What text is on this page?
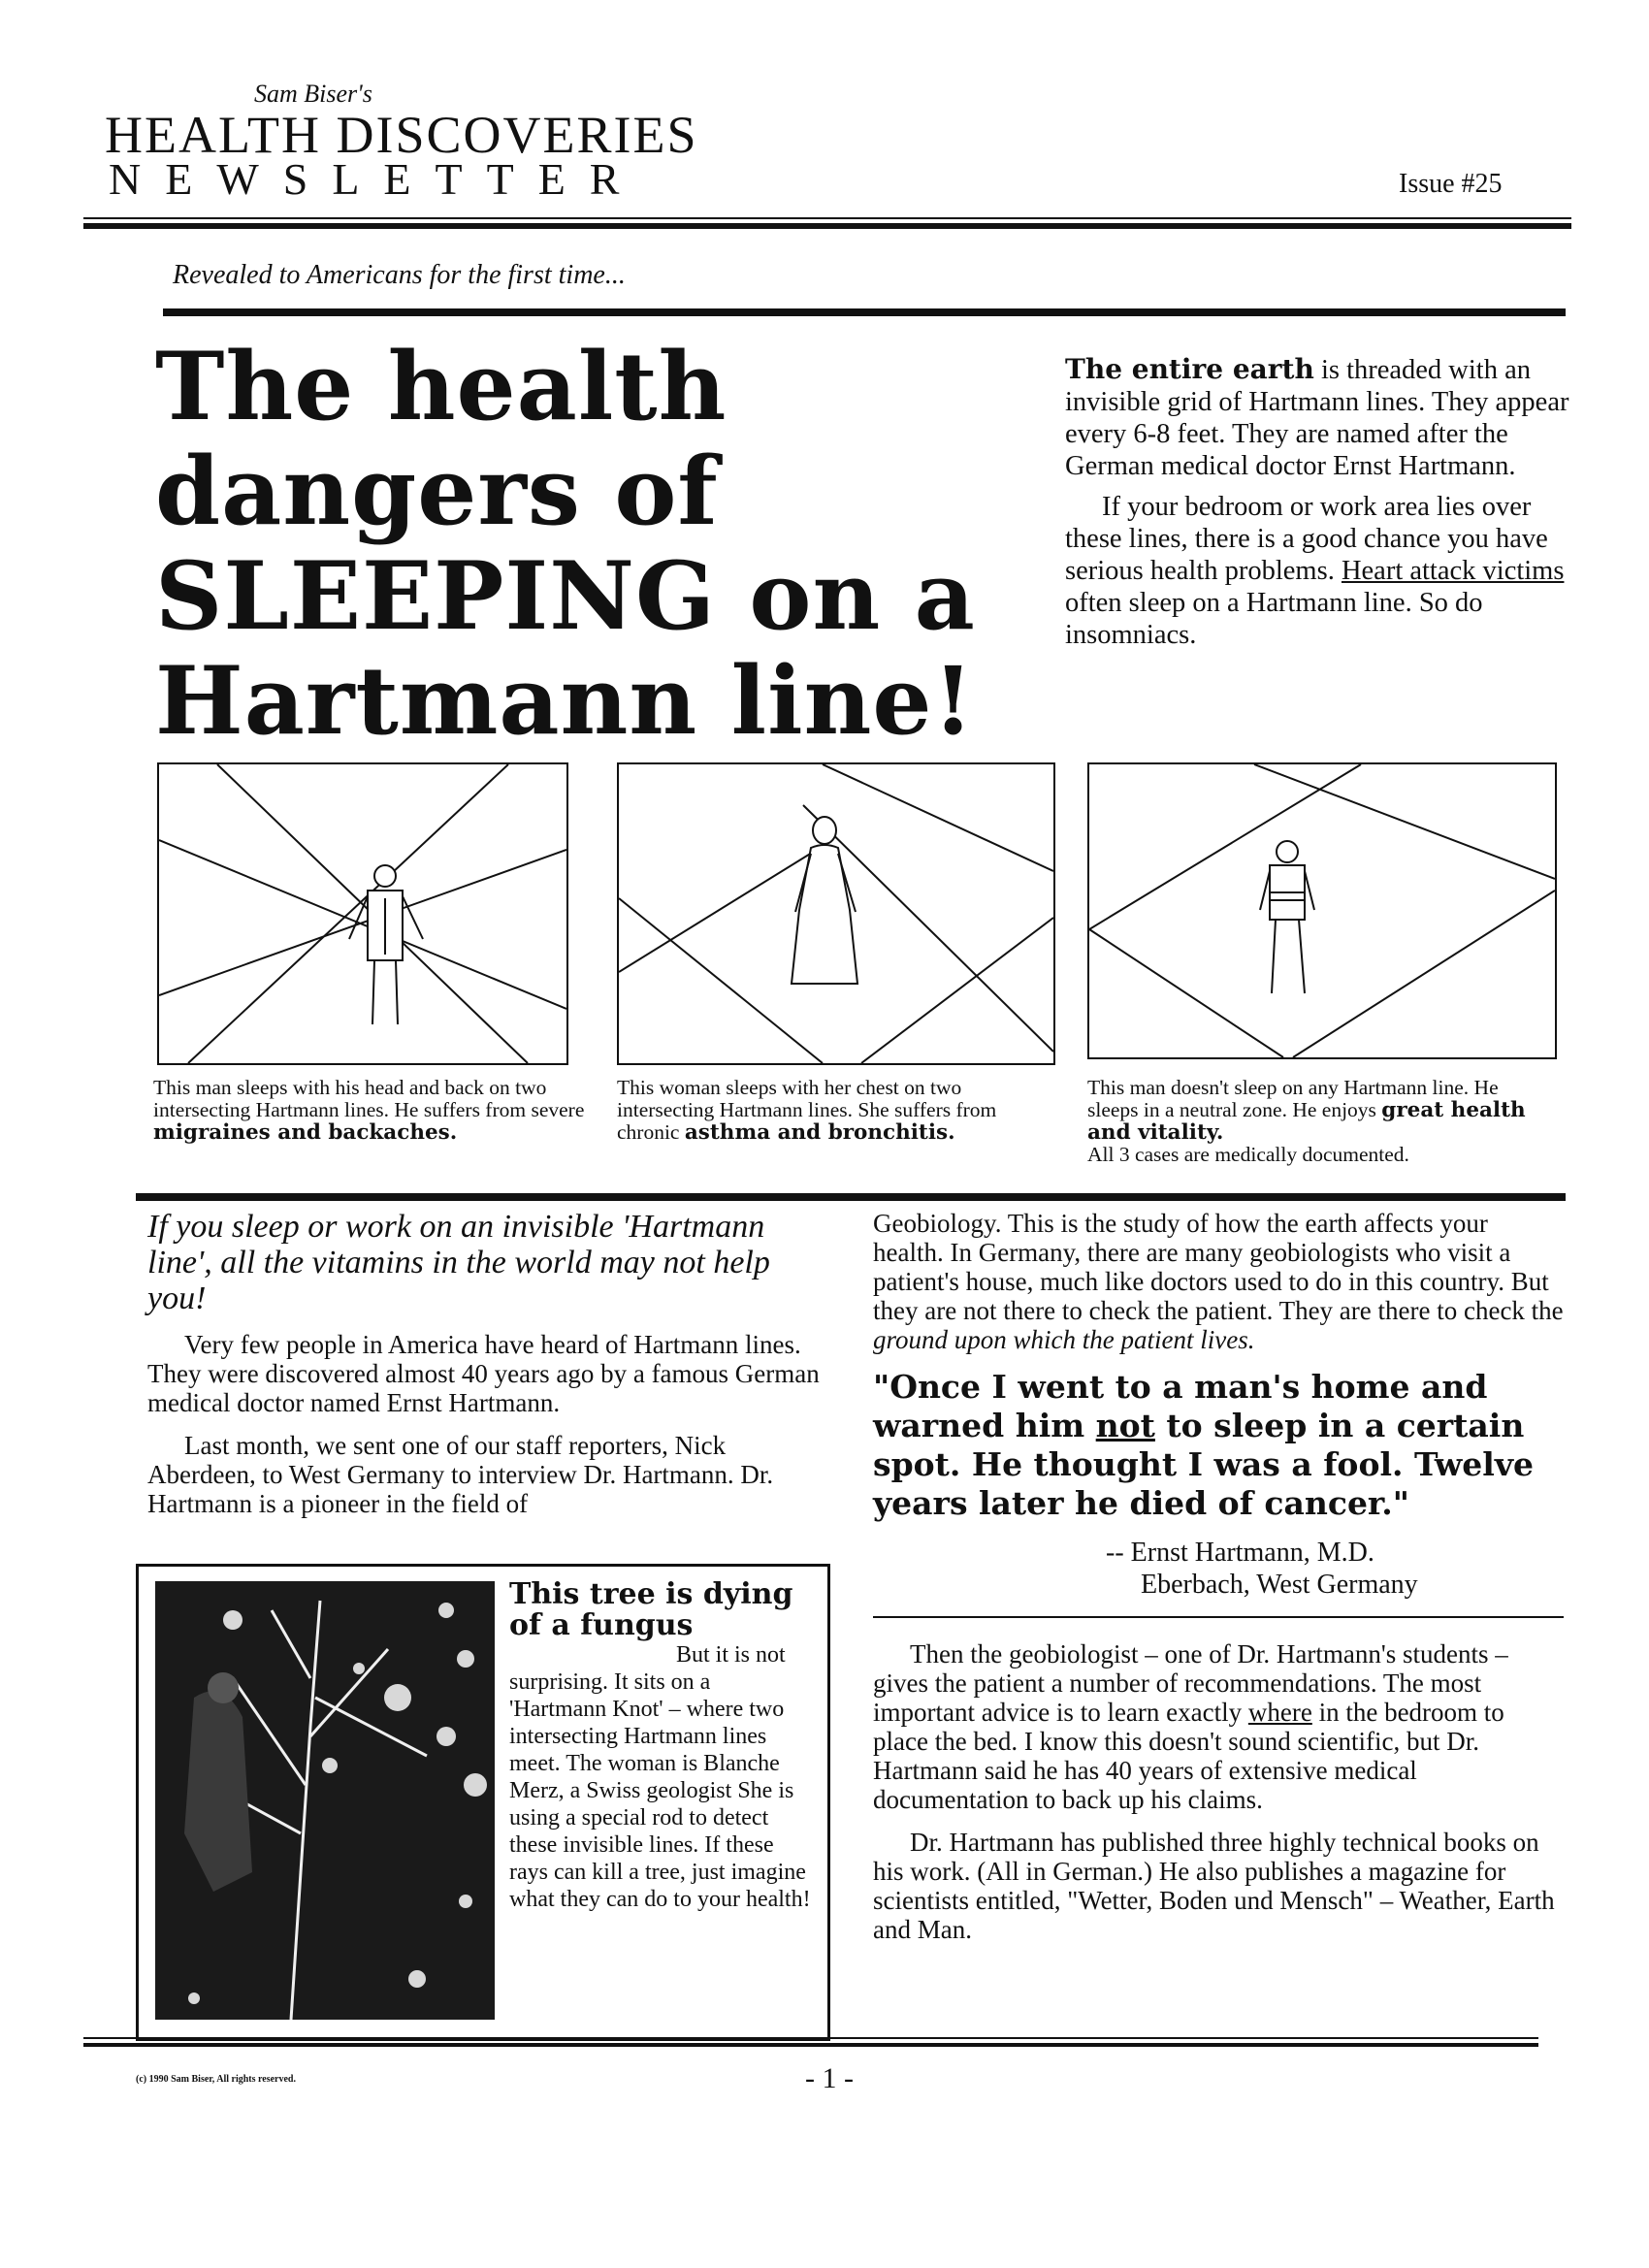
Sam Biser's
HEALTH DISCOVERIES
NEWSLETTER	Issue #25
Revealed to Americans for the first time...
The health
dangers of
SLEEPING on a
Hartmann line!

The entire earth is threaded with an invisible grid of Hartmann lines. They appear every 6-8 feet. They are named after the German medical doctor Ernst Hartmann.

If your bedroom or work area lies over these lines, there is a good chance you have serious health problems. Heart attack victims often sleep on a Hartmann line. So do insomniacs.

This man sleeps with his head and back on two intersecting Hartmann lines. He suffers from severe migraines and backaches.
This woman sleeps with her chest on two intersecting Hartmann lines. She suffers from chronic asthma and bronchitis.
This man doesn't sleep on any Hartmann line. He sleeps in a neutral zone. He enjoys great health and vitality.
All 3 cases are medically documented.

If you sleep or work on an invisible 'Hartmann line', all the vitamins in the world may not help you!

Very few people in America have heard of Hartmann lines. They were discovered almost 40 years ago by a famous German medical doctor named Ernst Hartmann.

Last month, we sent one of our staff reporters, Nick Aberdeen, to West Germany to interview Dr. Hartmann. Dr. Hartmann is a pioneer in the field of

This tree is dying of a fungus
But it is not surprising. It sits on a 'Hartmann Knot' – where two intersecting Hartmann lines meet. The woman is Blanche Merz, a Swiss geologist She is using a special rod to detect these invisible lines. If these rays can kill a tree, just imagine what they can do to your health!

Geobiology. This is the study of how the earth affects your health. In Germany, there are many geobiologists who visit a patient's house, much like doctors used to do in this country. But they are not there to check the patient. They are there to check the ground upon which the patient lives.

"Once I went to a man's home and warned him not to sleep in a certain spot. He thought I was a fool. Twelve years later he died of cancer."

-- Ernst Hartmann, M.D.
Eberbach, West Germany

Then the geobiologist – one of Dr. Hartmann's students – gives the patient a number of recommendations. The most important advice is to learn exactly where in the bedroom to place the bed. I know this doesn't sound scientific, but Dr. Hartmann said he has 40 years of extensive medical documentation to back up his claims.

Dr. Hartmann has published three highly technical books on his work. (All in German.) He also publishes a magazine for scientists entitled, "Wetter, Boden und Mensch" – Weather, Earth and Man.

(c) 1990 Sam Biser, All rights reserved.	- 1 -
